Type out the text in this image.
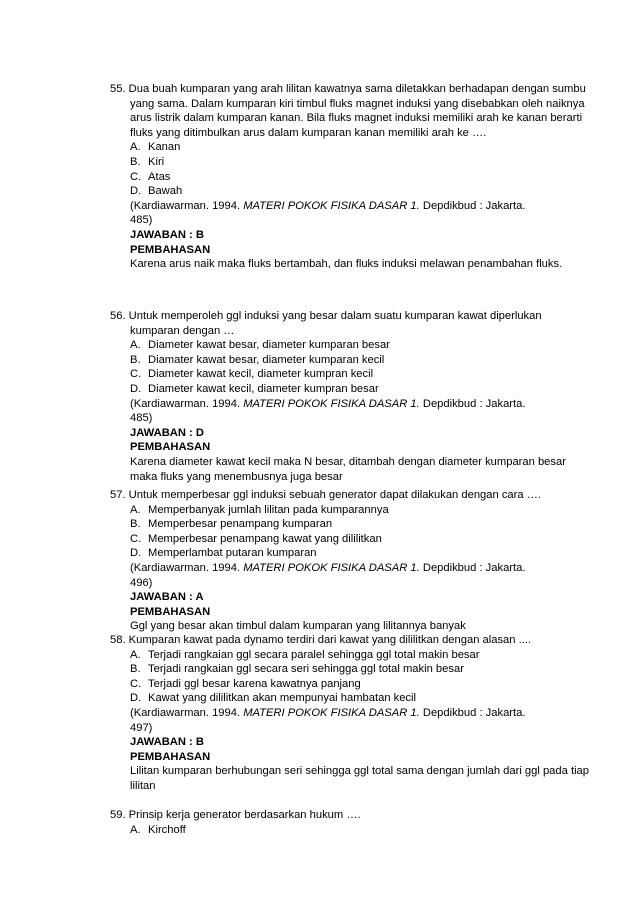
55. Dua buah kumparan yang arah lilitan kawatnya sama diletakkan berhadapan dengan sumbu yang sama. Dalam kumparan kiri timbul fluks magnet induksi yang disebabkan oleh naiknya arus listrik dalam kumparan kanan. Bila fluks magnet induksi memiliki arah ke kanan berarti fluks yang ditimbulkan arus dalam kumparan kanan memiliki arah ke ….

A. Kanan

B. Kiri

C. Atas

D. Bawah

(Kardiawarman. 1994. MATERI POKOK FISIKA DASAR 1. Depdikbud : Jakarta.

485)

JAWABAN : B

PEMBAHASAN

Karena arus naik maka fluks bertambah, dan fluks induksi melawan penambahan fluks.

56. Untuk memperoleh ggl induksi yang besar dalam suatu kumparan kawat diperlukan kumparan dengan …

A. Diameter kawat besar, diameter kumparan besar

B. Diamater kawat besar, diameter kumparan kecil

C. Diameter kawat kecil, diameter kumpran kecil

D. Diameter kawat kecil, diameter kumpran besar

(Kardiawarman. 1994. MATERI POKOK FISIKA DASAR 1. Depdikbud : Jakarta.

485)

JAWABAN : D

PEMBAHASAN

Karena diameter kawat kecil maka N besar, ditambah dengan diameter kumparan besar maka fluks yang menembusnya juga besar

57. Untuk memperbesar ggl induksi sebuah generator dapat dilakukan dengan cara ….

A. Memperbanyak jumlah lilitan pada kumparannya

B. Memperbesar penampang kumparan

C. Memperbesar penampang kawat yang dililitkan

D. Memperlambat putaran kumparan

(Kardiawarman. 1994. MATERI POKOK FISIKA DASAR 1. Depdikbud : Jakarta.

496)

JAWABAN : A

PEMBAHASAN

Ggl yang besar akan timbul dalam kumparan yang lilitannya banyak

58. Kumparan kawat pada dynamo terdiri dari kawat yang dililitkan dengan alasan ....

A. Terjadi rangkaian ggl secara paralel sehingga ggl total makin besar

B. Terjadi rangkaian ggl secara seri sehingga ggl total makin besar

C. Terjadi ggl besar karena kawatnya panjang

D. Kawat yang dililitkan akan mempunyai hambatan kecil

(Kardiawarman. 1994. MATERI POKOK FISIKA DASAR 1. Depdikbud : Jakarta.

497)

JAWABAN : B

PEMBAHASAN

Lilitan kumparan berhubungan seri sehingga ggl total sama dengan jumlah dari ggl pada tiap lilitan

59. Prinsip kerja generator berdasarkan hukum ….

A. Kirchoff
